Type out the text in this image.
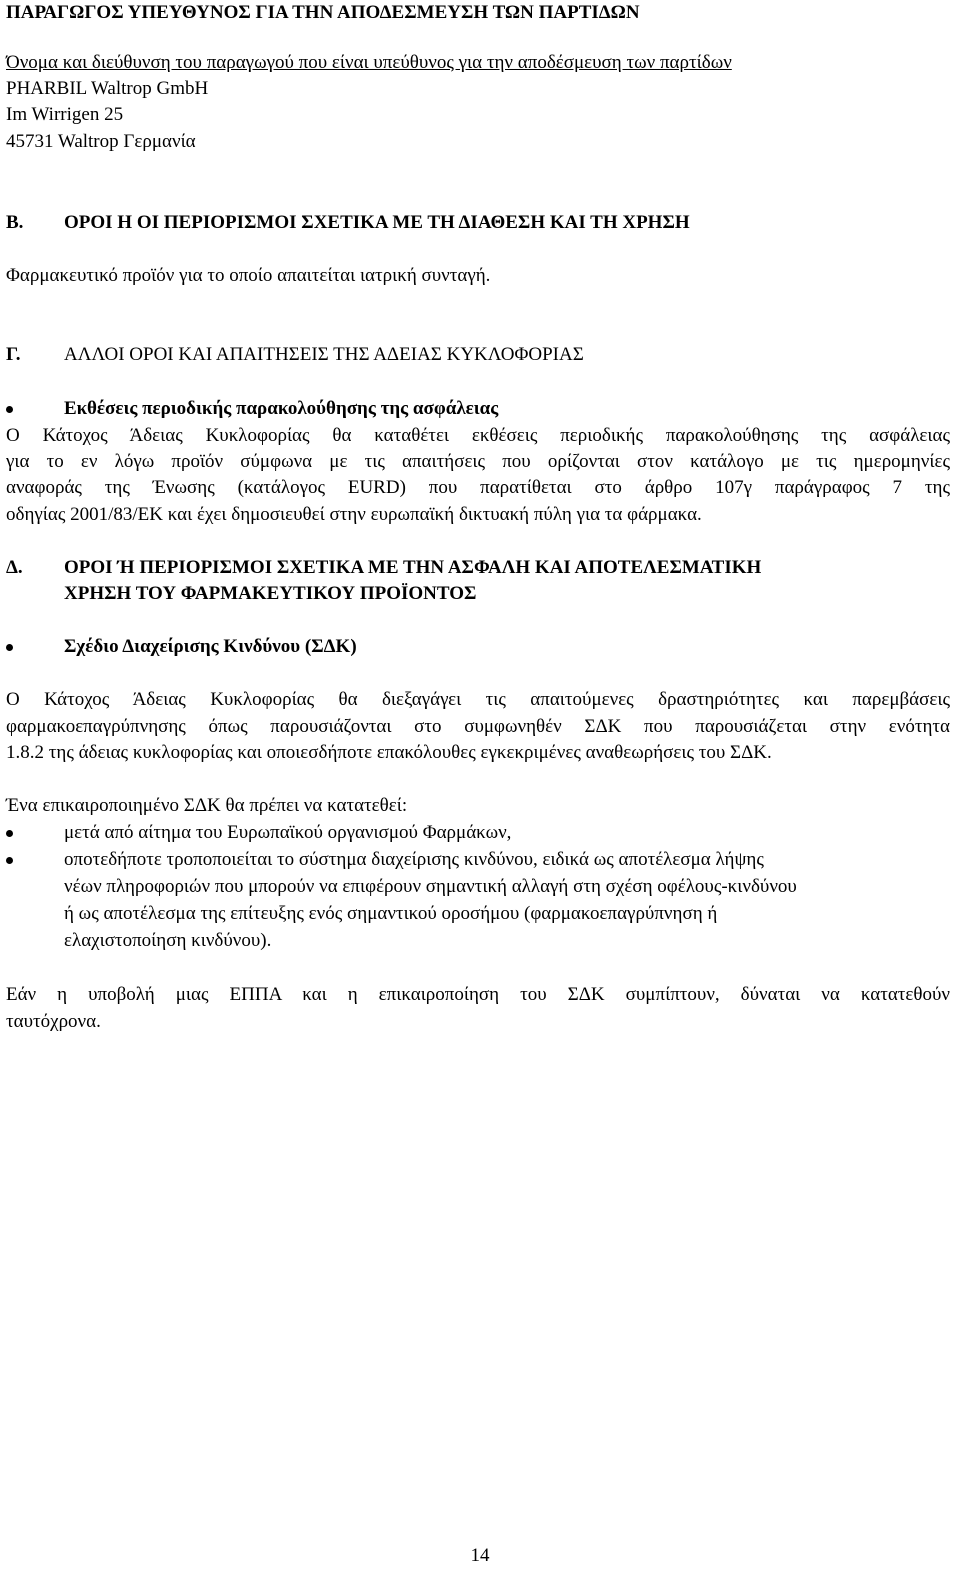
ΠΑΡΑΓΩΓΟΣ ΥΠΕΥΘΥΝΟΣ ΓΙΑ ΤΗΝ ΑΠΟΔΕΣΜΕΥΣΗ ΤΩΝ ΠΑΡΤΙΔΩΝ
Όνομα και διεύθυνση του παραγωγού που είναι υπεύθυνος για την αποδέσμευση των παρτίδων
PHARBIL Waltrop GmbH
Im Wirrigen 25
45731 Waltrop Γερμανία
B. ΟΡΟΙ Η ΟΙ ΠΕΡΙΟΡΙΣΜΟΙ ΣΧΕΤΙΚΑ ΜΕ ΤΗ ΔΙΑΘΕΣΗ ΚΑΙ ΤΗ ΧΡΗΣΗ
Φαρμακευτικό προϊόν για το οποίο απαιτείται ιατρική συνταγή.
Γ. ΑΛΛΟΙ ΟΡΟΙ ΚΑΙ ΑΠΑΙΤΗΣΕΙΣ ΤΗΣ ΑΔΕΙΑΣ ΚΥΚΛΟΦΟΡΙΑΣ
Εκθέσεις περιοδικής παρακολούθησης της ασφάλειας
Ο Κάτοχος Άδειας Κυκλοφορίας θα καταθέτει εκθέσεις περιοδικής παρακολούθησης της ασφάλειας
για το εν λόγω προϊόν σύμφωνα με τις απαιτήσεις που ορίζονται στον κατάλογο με τις ημερομηνίες
αναφοράς της Ένωσης (κατάλογος EURD) που παρατίθεται στο άρθρο 107γ παράγραφος 7 της
οδηγίας 2001/83/ΕΚ και έχει δημοσιευθεί στην ευρωπαϊκή δικτυακή πύλη για τα φάρμακα.
Δ. ΟΡΟΙ Ή ΠΕΡΙΟΡΙΣΜΟΙ ΣΧΕΤΙΚΑ ΜΕ ΤΗΝ ΑΣΦΑΛΗ ΚΑΙ ΑΠΟΤΕΛΕΣΜΑΤΙΚΗ
ΧΡΗΣΗ ΤΟΥ ΦΑΡΜΑΚΕΥΤΙΚΟΥ ΠΡΟΪΟΝΤΟΣ
Σχέδιο Διαχείρισης Κινδύνου (ΣΔΚ)
Ο Κάτοχος Άδειας Κυκλοφορίας θα διεξαγάγει τις απαιτούμενες δραστηριότητες και παρεμβάσεις
φαρμακοεπαγρύπνησης όπως παρουσιάζονται στο συμφωνηθέν ΣΔΚ που παρουσιάζεται στην ενότητα
1.8.2 της άδειας κυκλοφορίας και οποιεσδήποτε επακόλουθες εγκεκριμένες αναθεωρήσεις του ΣΔΚ.
Ένα επικαιροποιημένο ΣΔΚ θα πρέπει να κατατεθεί:
μετά από αίτημα του Ευρωπαϊκού οργανισμού Φαρμάκων,
οποτεδήποτε τροποποιείται το σύστημα διαχείρισης κινδύνου, ειδικά ως αποτέλεσμα λήψης
νέων πληροφοριών που μπορούν να επιφέρουν σημαντική αλλαγή στη σχέση οφέλους-κινδύνου
ή ως αποτέλεσμα της επίτευξης ενός σημαντικού οροσήμου (φαρμακοεπαγρύπνηση ή
ελαχιστοποίηση κινδύνου).
Εάν η υποβολή μιας ΕΠΠΑ και η επικαιροποίηση του ΣΔΚ συμπίπτουν, δύναται να κατατεθούν
ταυτόχρονα.
14
